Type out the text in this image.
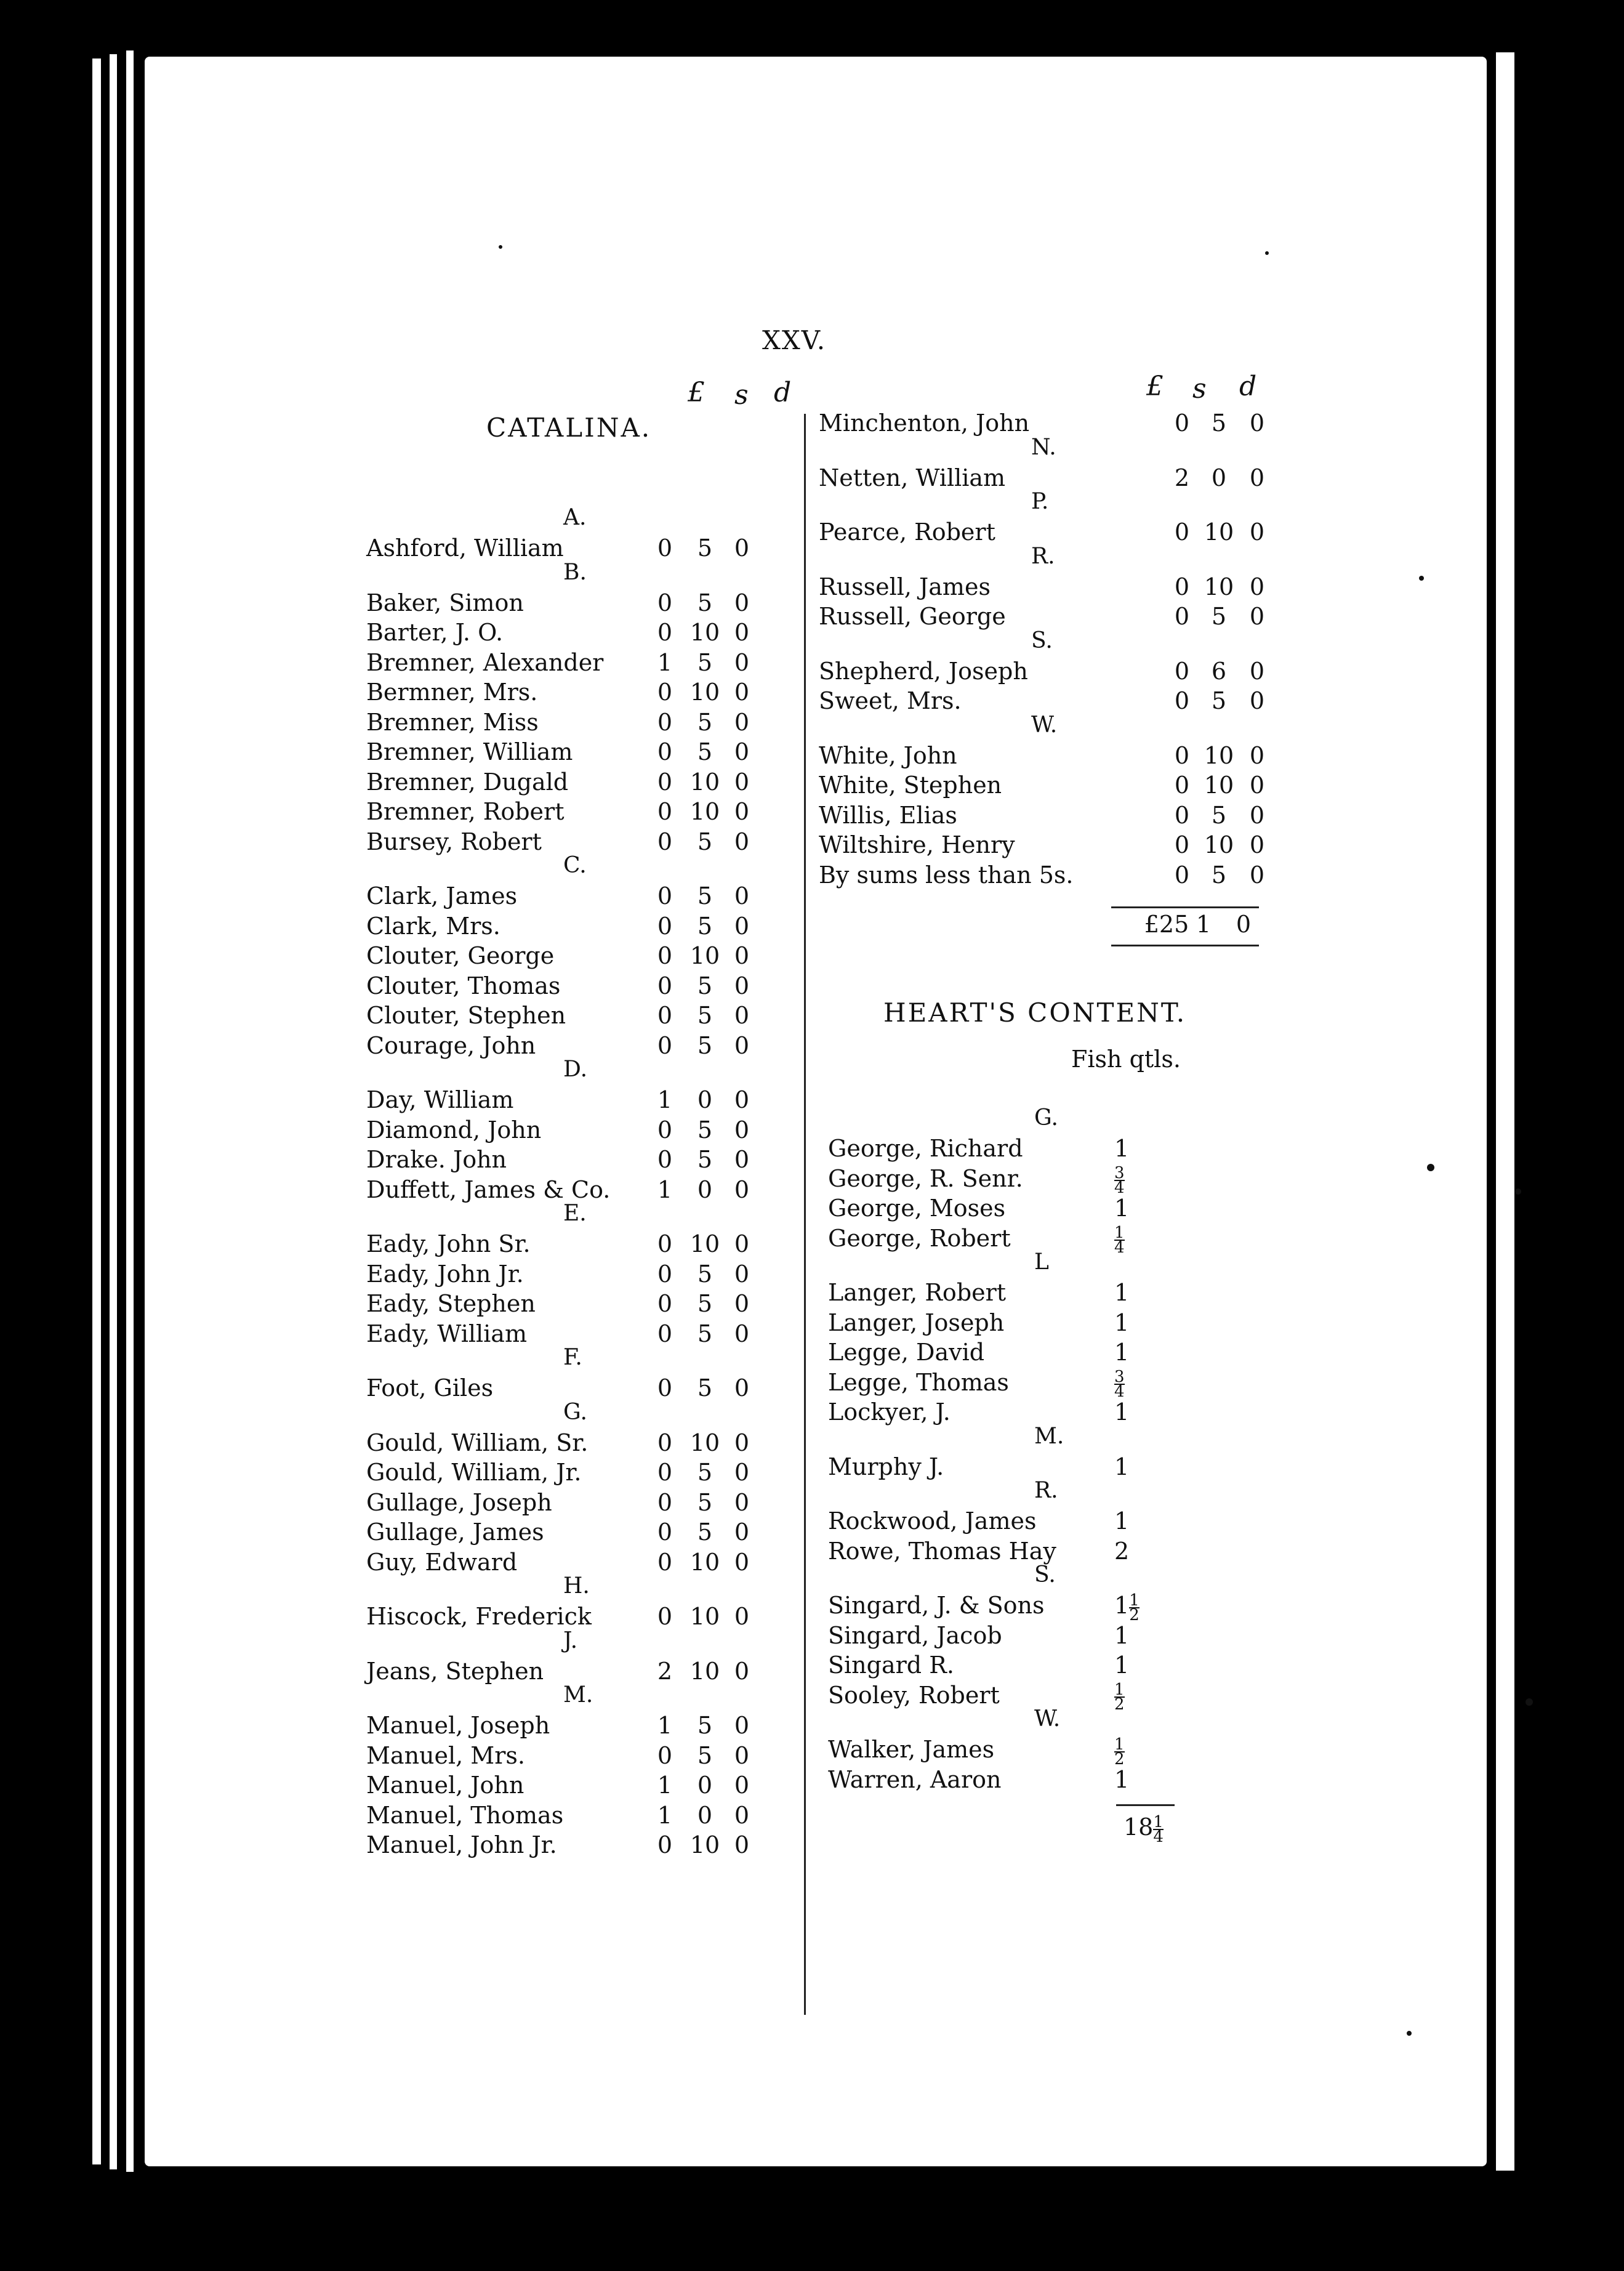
XXV.
£ s d	£ s d
CATALINA.
A.
Ashford, William	0	5 0
B.
Baker, Simon	0	5 0
Barter, J. O.	0 10 0
Bremner, Alexander	1	5 0
Bermner, Mrs.	0 10 0
Bremner, Miss	0	5 0
Bremner, William	0	5 0
Bremner, Dugald	0 10 0
Bremner, Robert	0 10 0
Bursey, Robert	0	5 0
C.
Clark, James	0	5 0
Clark, Mrs.	0	5 0
Clouter, George	0 10 0
Clouter, Thomas	0	5 0
Clouter, Stephen	0	5 0
Courage, John	0	5 0
D.
Day, William	1	0 0
Diamond, John	0	5 0
Drake. John	0	5 0
Duffett, James & Co.	1	0 0
E.
Eady, John Sr.	0 10 0
Eady, John Jr.	0	5 0
Eady, Stephen	0	5 0
Eady, William	0	5 0
F.
Foot, Giles	0	5 0
G.
Gould, William, Sr.	0 10 0
Gould, William, Jr.	0	5 0
Gullage, Joseph	0	5 0
Gullage, James	0	5 0
Guy, Edward	0 10 0
H.
Hiscock, Frederick	0 10 0
J.
Jeans, Stephen	2 10 0
M.
Manuel, Joseph	1	5 0
Manuel, Mrs.	0	5 0
Manuel, John	1	0 0
Manuel, Thomas	1	0 0
Manuel, John Jr.	0 10 0
Minchenton, John	0 5 0
N.
Netten, William	2 0 0
P.
Pearce, Robert	0 10 0
R.
Russell, James	0 10 0
Russell, George	0 5 0
S.
Shepherd, Joseph	0 6 0
Sweet, Mrs.	0 5 0
W.
White, John	0 10 0
White, Stephen	0 10 0
Willis, Elias	0 5 0
Wiltshire, Henry	0 10 0
By sums less than 5s.	0 5 0
£25 1	0
HEART'S CONTENT.
Fish qtls.
G.
George, Richard	1
George, R. Senr.	$\frac{3}{4}$
George, Moses	1
George, Robert	$\frac{1}{4}$
L
Langer, Robert	1
Langer, Joseph	1
Legge, David	1
Legge, Thomas	$\frac{3}{4}$
Lockyer, J.	1
M.
Murphy J.	1
R.
Rockwood, James	1
Rowe, Thomas Hay 2
S.
Singard, J. & Sons	$1 \frac{1}{2}$
Singard, Jacob	1
Singard R.	1
Sooley, Robert	$\frac{1}{2}$
W.
Walker, James	$\frac{1}{2}$
Warren, Aaron	1
$18 \frac{1}{4}$
